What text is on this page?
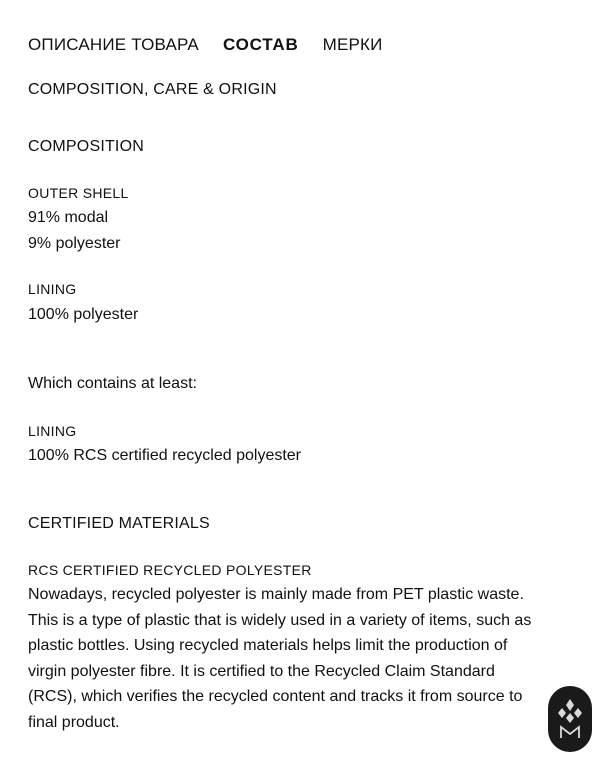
ОПИСАНИЕ ТОВАРА СОСТАВ МЕРКИ
COMPOSITION, CARE & ORIGIN
COMPOSITION
OUTER SHELL
91% modal
9% polyester
LINING
100% polyester
Which contains at least:
LINING
100% RCS certified recycled polyester
CERTIFIED MATERIALS
RCS CERTIFIED RECYCLED POLYESTER

Nowadays, recycled polyester is mainly made from PET plastic waste.

This is a type of plastic that is widely used in a variety of items, such as

plastic bottles. Using recycled materials helps limit the production of

virgin polyester fibre. It is certified to the Recycled Claim Standard

(RCS), which verifies the recycled content and tracks it from source to

final product.
